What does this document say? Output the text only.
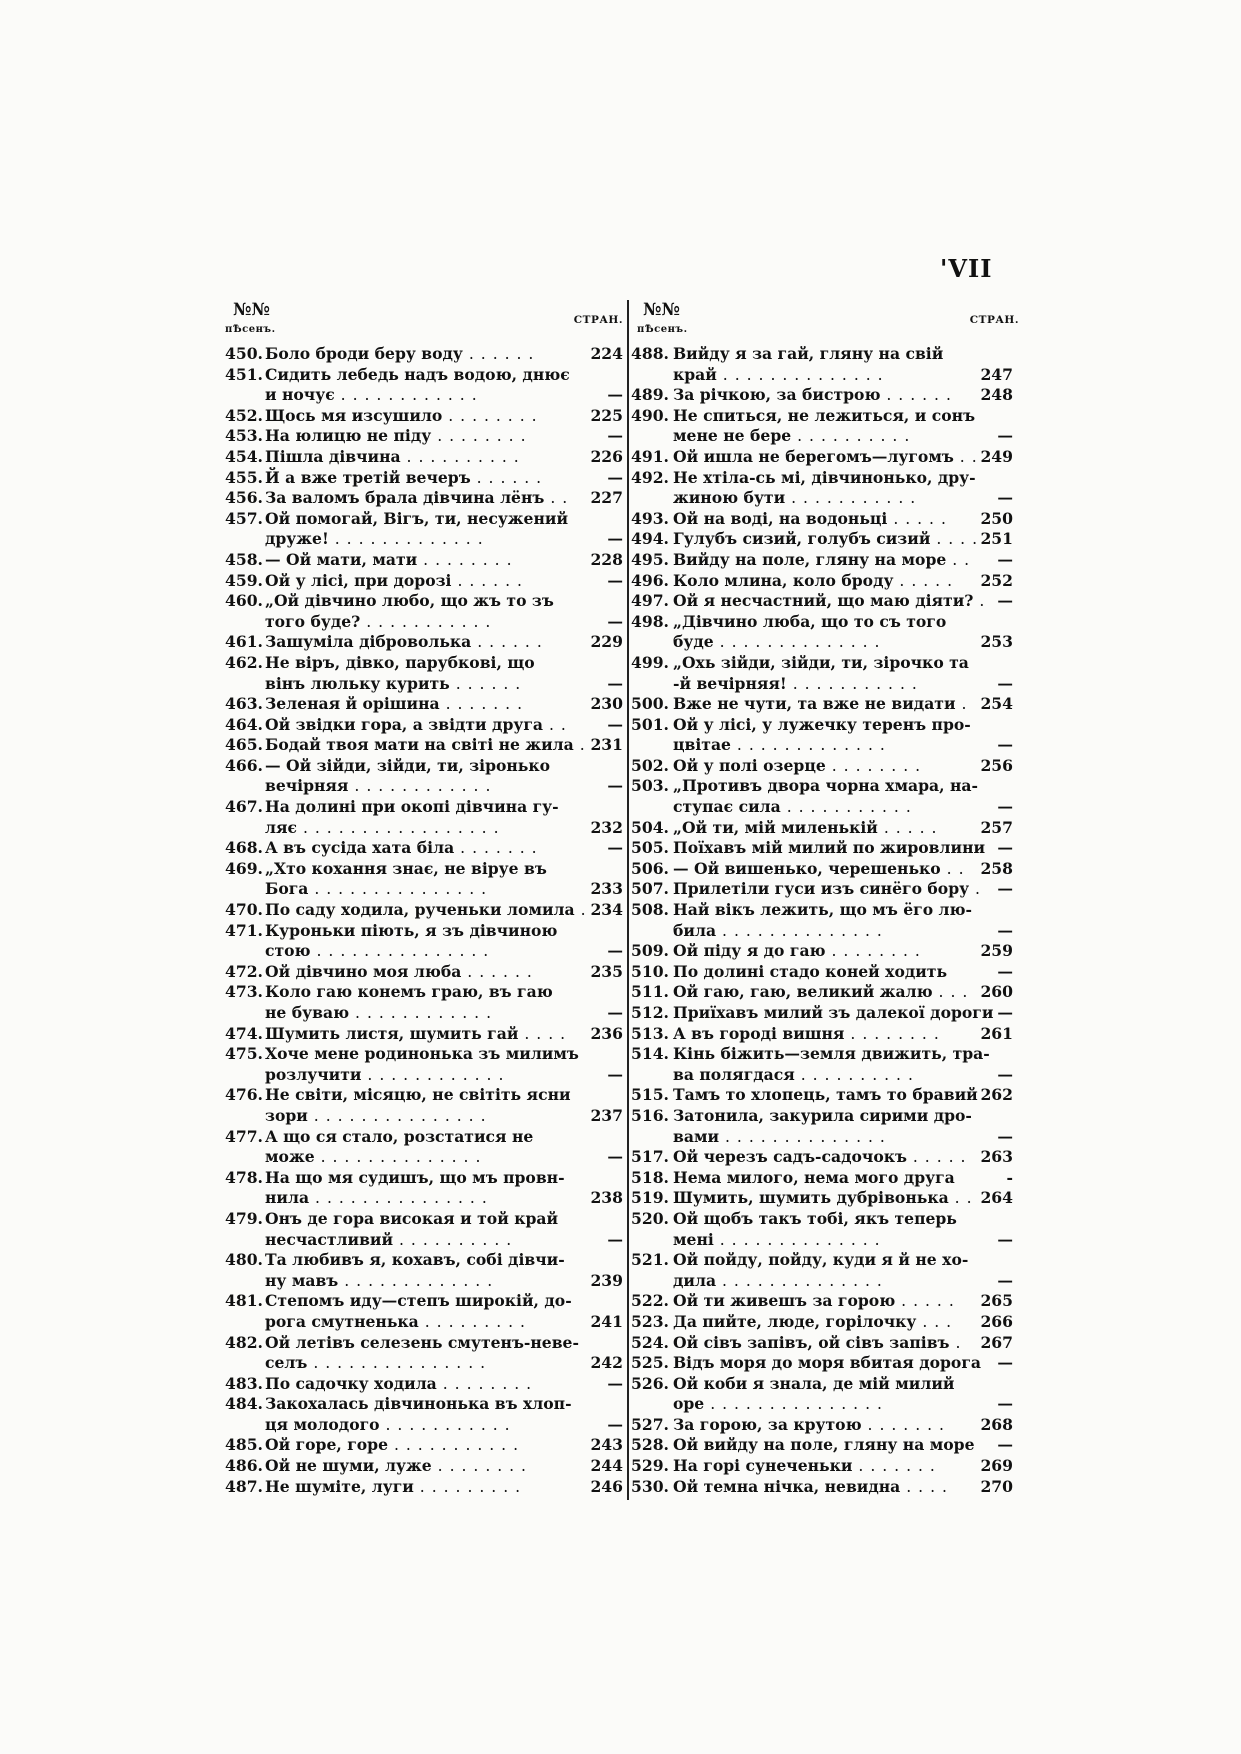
'VII
№№
пѢсенъ.
СТРАН.
450. Боло броди беру воду . . . . . .	224
451. Сидить лебедь надъ водою, днює
и ночує . . . . . . . . . . . .	—
452. Щось мя изсушило . . . . . . . .	225
453. На юлицю не піду . . . . . . . .	—
454. Пішла дівчина . . . . . . . . . .	226
455. Й а вже третій вечеръ . . . . . .	—
456. За валомъ брала дівчина лёнъ . . 227
457. Ой помогай, Вігъ, ти, несужений
друже! . . . . . . . . . . . . .	—
458. — Ой мати, мати . . . . . . . .	228
459. Ой у лісі, при дорозі . . . . . .	—
460. „Ой дівчино любо, що жъ то зъ
того буде? . . . . . . . . . . .	—
461. Зашуміла діброволька . . . . . .	229
462. Не віръ, дівко, парубкові, що
вінъ люльку курить . . . . . .	—
463. Зеленая й орішина . . . . . . .	230
464. Ой звідки гора, а звідти друга . .	—
465. Бодай твоя мати на світі не жила . 231
466. — Ой зійди, зійди, ти, зіронько
вечірняя . . . . . . . . . . . .	—
467. На долині при окопі дівчина гу-
ляє . . . . . . . . . . . . . . . . .	232
468. А въ сусіда хата біла . . . . . . .	—
469. „Хто кохання знає, не віруе въ
Бога . . . . . . . . . . . . . . .	233
470. По саду ходила, рученьки ломила . 234
471. Куроньки піють, я зъ дівчиною
стою . . . . . . . . . . . . . . .	—
472. Ой дівчино моя люба . . . . . .	235
473. Коло гаю конемъ граю, въ гаю
не буваю . . . . . . . . . . . .	—
474. Шумить листя, шумить гай . . . .	236
475. Хоче мене родинонька зъ милимъ
розлучити . . . . . . . . . . . .	—
476. Не світи, місяцю, не світіть ясни
зори . . . . . . . . . . . . . . .	237
477. А що ся стало, розстатися не
може . . . . . . . . . . . . . .	—
478. На що мя судишъ, що мъ провн-
нила . . . . . . . . . . . . . . .	238
479. Онъ де гора високая и той край
несчастливий . . . . . . . . . .	—
480. Та любивъ я, кохавъ, собі дівчи-
ну мавъ . . . . . . . . . . . . .	239
481. Степомъ иду—степъ широкій, до-
рога смутненька . . . . . . . . .	241
482. Ой летівъ селезень смутенъ-невe-
селъ . . . . . . . . . . . . . . .	242
483. По садочку ходила . . . . . . . .	—
484. Закохалась дівчинонька въ хлоп-
ця молодого . . . . . . . . . . .	—
485. Ой горе, горе . . . . . . . . . . .	243
486. Ой не шуми, луже . . . . . . . .	244
487. Не шуміте, луги . . . . . . . . .	246
№№
пѢсенъ.
СТРАН.
488. Вийду я за гай, гляну на свій
край . . . . . . . . . . . . . .	247
489. За річкою, за бистрою . . . . . .	248
490. Не спиться, не лежиться, и сонъ
мене не бере . . . . . . . . . .	—
491. Ой ишла не берегомъ—лугомъ . . 249
492. Не хтіла-сь мі, дівчинонько, дру-
жиною бути . . . . . . . . . . .	—
493. Ой на воді, на водоньці . . . . .	250
494. Гулубъ сизий, голубъ сизий . . . . 251
495. Вийду на поле, гляну на море . . —
496. Коло млина, коло броду . . . . .	252
497. Ой я несчастний, що маю діяти? . —
498. „Дівчино люба, що то съ того
буде . . . . . . . . . . . . . .	253
499. „Охь зійди, зійди, ти, зірочко та
-й вечірняя! . . . . . . . . . . .	—
500. Вже не чути, та вже не видати . 254
501. Ой у лісі, у лужечку теренъ про-
цвітае . . . . . . . . . . . . .	—
502. Ой у полі озерце . . . . . . . .	256
503. „Противъ двора чорна хмара, на-
ступає сила . . . . . . . . . . .	—
504. „Ой ти, мій миленькій . . . . .	257
505. Поїхавъ мій милий по жировлини —
506. — Ой вишенько, черешенько . . 258
507. Прилетіли гуси изъ синёго бору . —
508. Най вікъ лежить, що мъ ёго лю-
била . . . . . . . . . . . . . .	—
509. Ой піду я до гаю . . . . . . . .	259
510. По долині стадо коней ходить	—
511. Ой гаю, гаю, великий жалю . . . 260
512. Приїхавъ милий зъ далекої дороги —
513. А въ городі вишня . . . . . . . .	261
514. Кінь біжить—земля движить, тра-
ва полягдася . . . . . . . . . .	—
515. Тамъ то хлопець, тамъ то бравий 262
516. Затонила, закурила сирими дро-
вами . . . . . . . . . . . . . .	—
517. Ой черезъ садъ-садочокъ . . . . . 263
518. Нема милого, нема мого друга	-
519. Шумить, шумить дубрівонька . . 264
520. Ой щобъ такъ тобі, якъ теперь
мені . . . . . . . . . . . . . .	—
521. Ой пойду, пойду, куди я й не хо-
дила . . . . . . . . . . . . . .	—
522. Ой ти живешъ за горою . . . . .	265
523. Да пийте, люде, горілочку . . .	266
524. Ой сівъ запівъ, ой сівъ запівъ . 267
525. Відъ моря до моря вбитая дорога —
526. Ой коби я знала, де мій милий
оре . . . . . . . . . . . . . . .	—
527. За горою, за крутою . . . . . . .	268
528. Ой вийду на поле, гляну на море —
529. На горі сунеченьки . . . . . . .	269
530. Ой темна нічка, невидна . . . .	270
